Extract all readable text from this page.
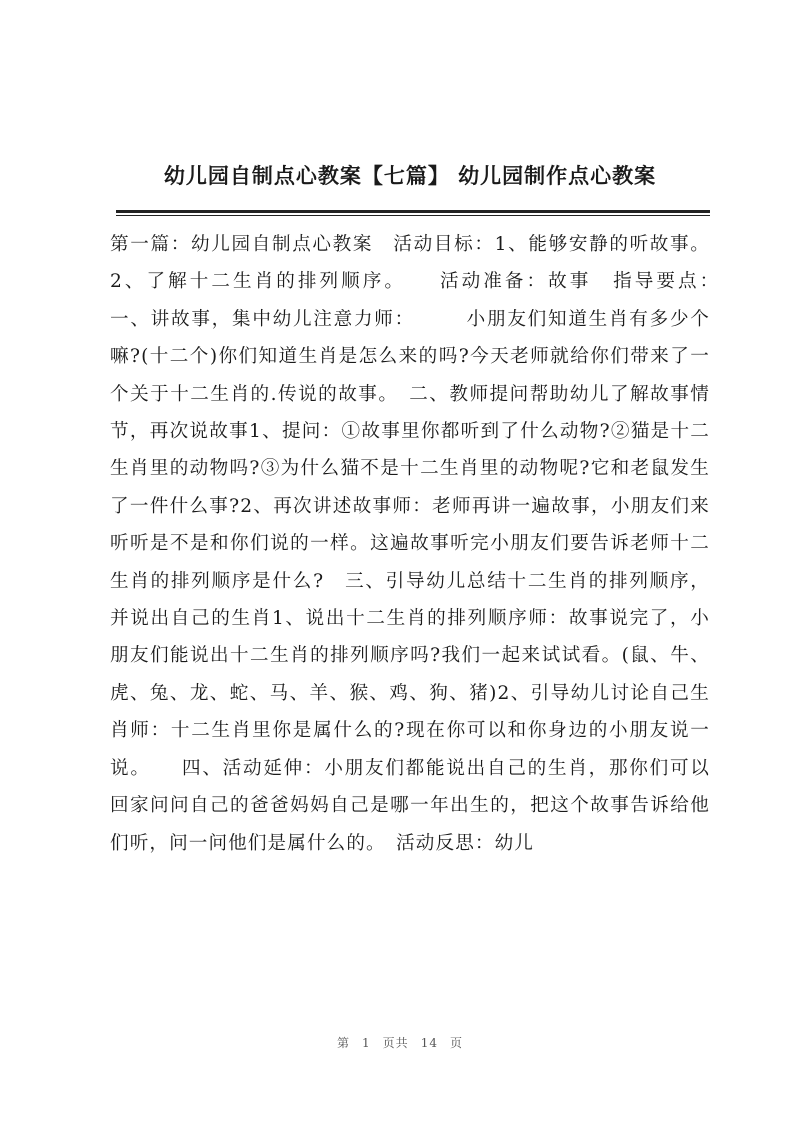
幼儿园自制点心教案【七篇】 幼儿园制作点心教案

第一篇：幼儿园自制点心教案　活动目标：1、能够安静的听故事。2、了解十二生肖的排列顺序。　　活动准备：故事　指导要点：　一、讲故事，集中幼儿注意力师：　　　小朋友们知道生肖有多少个嘛?(十二个)你们知道生肖是怎么来的吗?今天老师就给你们带来了一个关于十二生肖的.传说的故事。　二、教师提问帮助幼儿了解故事情节，再次说故事1、提问：①故事里你都听到了什么动物?②猫是十二生肖里的动物吗?③为什么猫不是十二生肖里的动物呢?它和老鼠发生了一件什么事?2、再次讲述故事师：老师再讲一遍故事，小朋友们来听听是不是和你们说的一样。这遍故事听完小朋友们要告诉老师十二生肖的排列顺序是什么?　三、引导幼儿总结十二生肖的排列顺序，并说出自己的生肖1、说出十二生肖的排列顺序师：故事说完了，小朋友们能说出十二生肖的排列顺序吗?我们一起来试试看。(鼠、牛、虎、兔、龙、蛇、马、羊、猴、鸡、狗、猪)2、引导幼儿讨论自己生肖师：十二生肖里你是属什么的?现在你可以和你身边的小朋友说一说。　　四、活动延伸：小朋友们都能说出自己的生肖，那你们可以回家问问自己的爸爸妈妈自己是哪一年出生的，把这个故事告诉给他们听，问一问他们是属什么的。　活动反思：幼儿

第 1 页共 14 页
